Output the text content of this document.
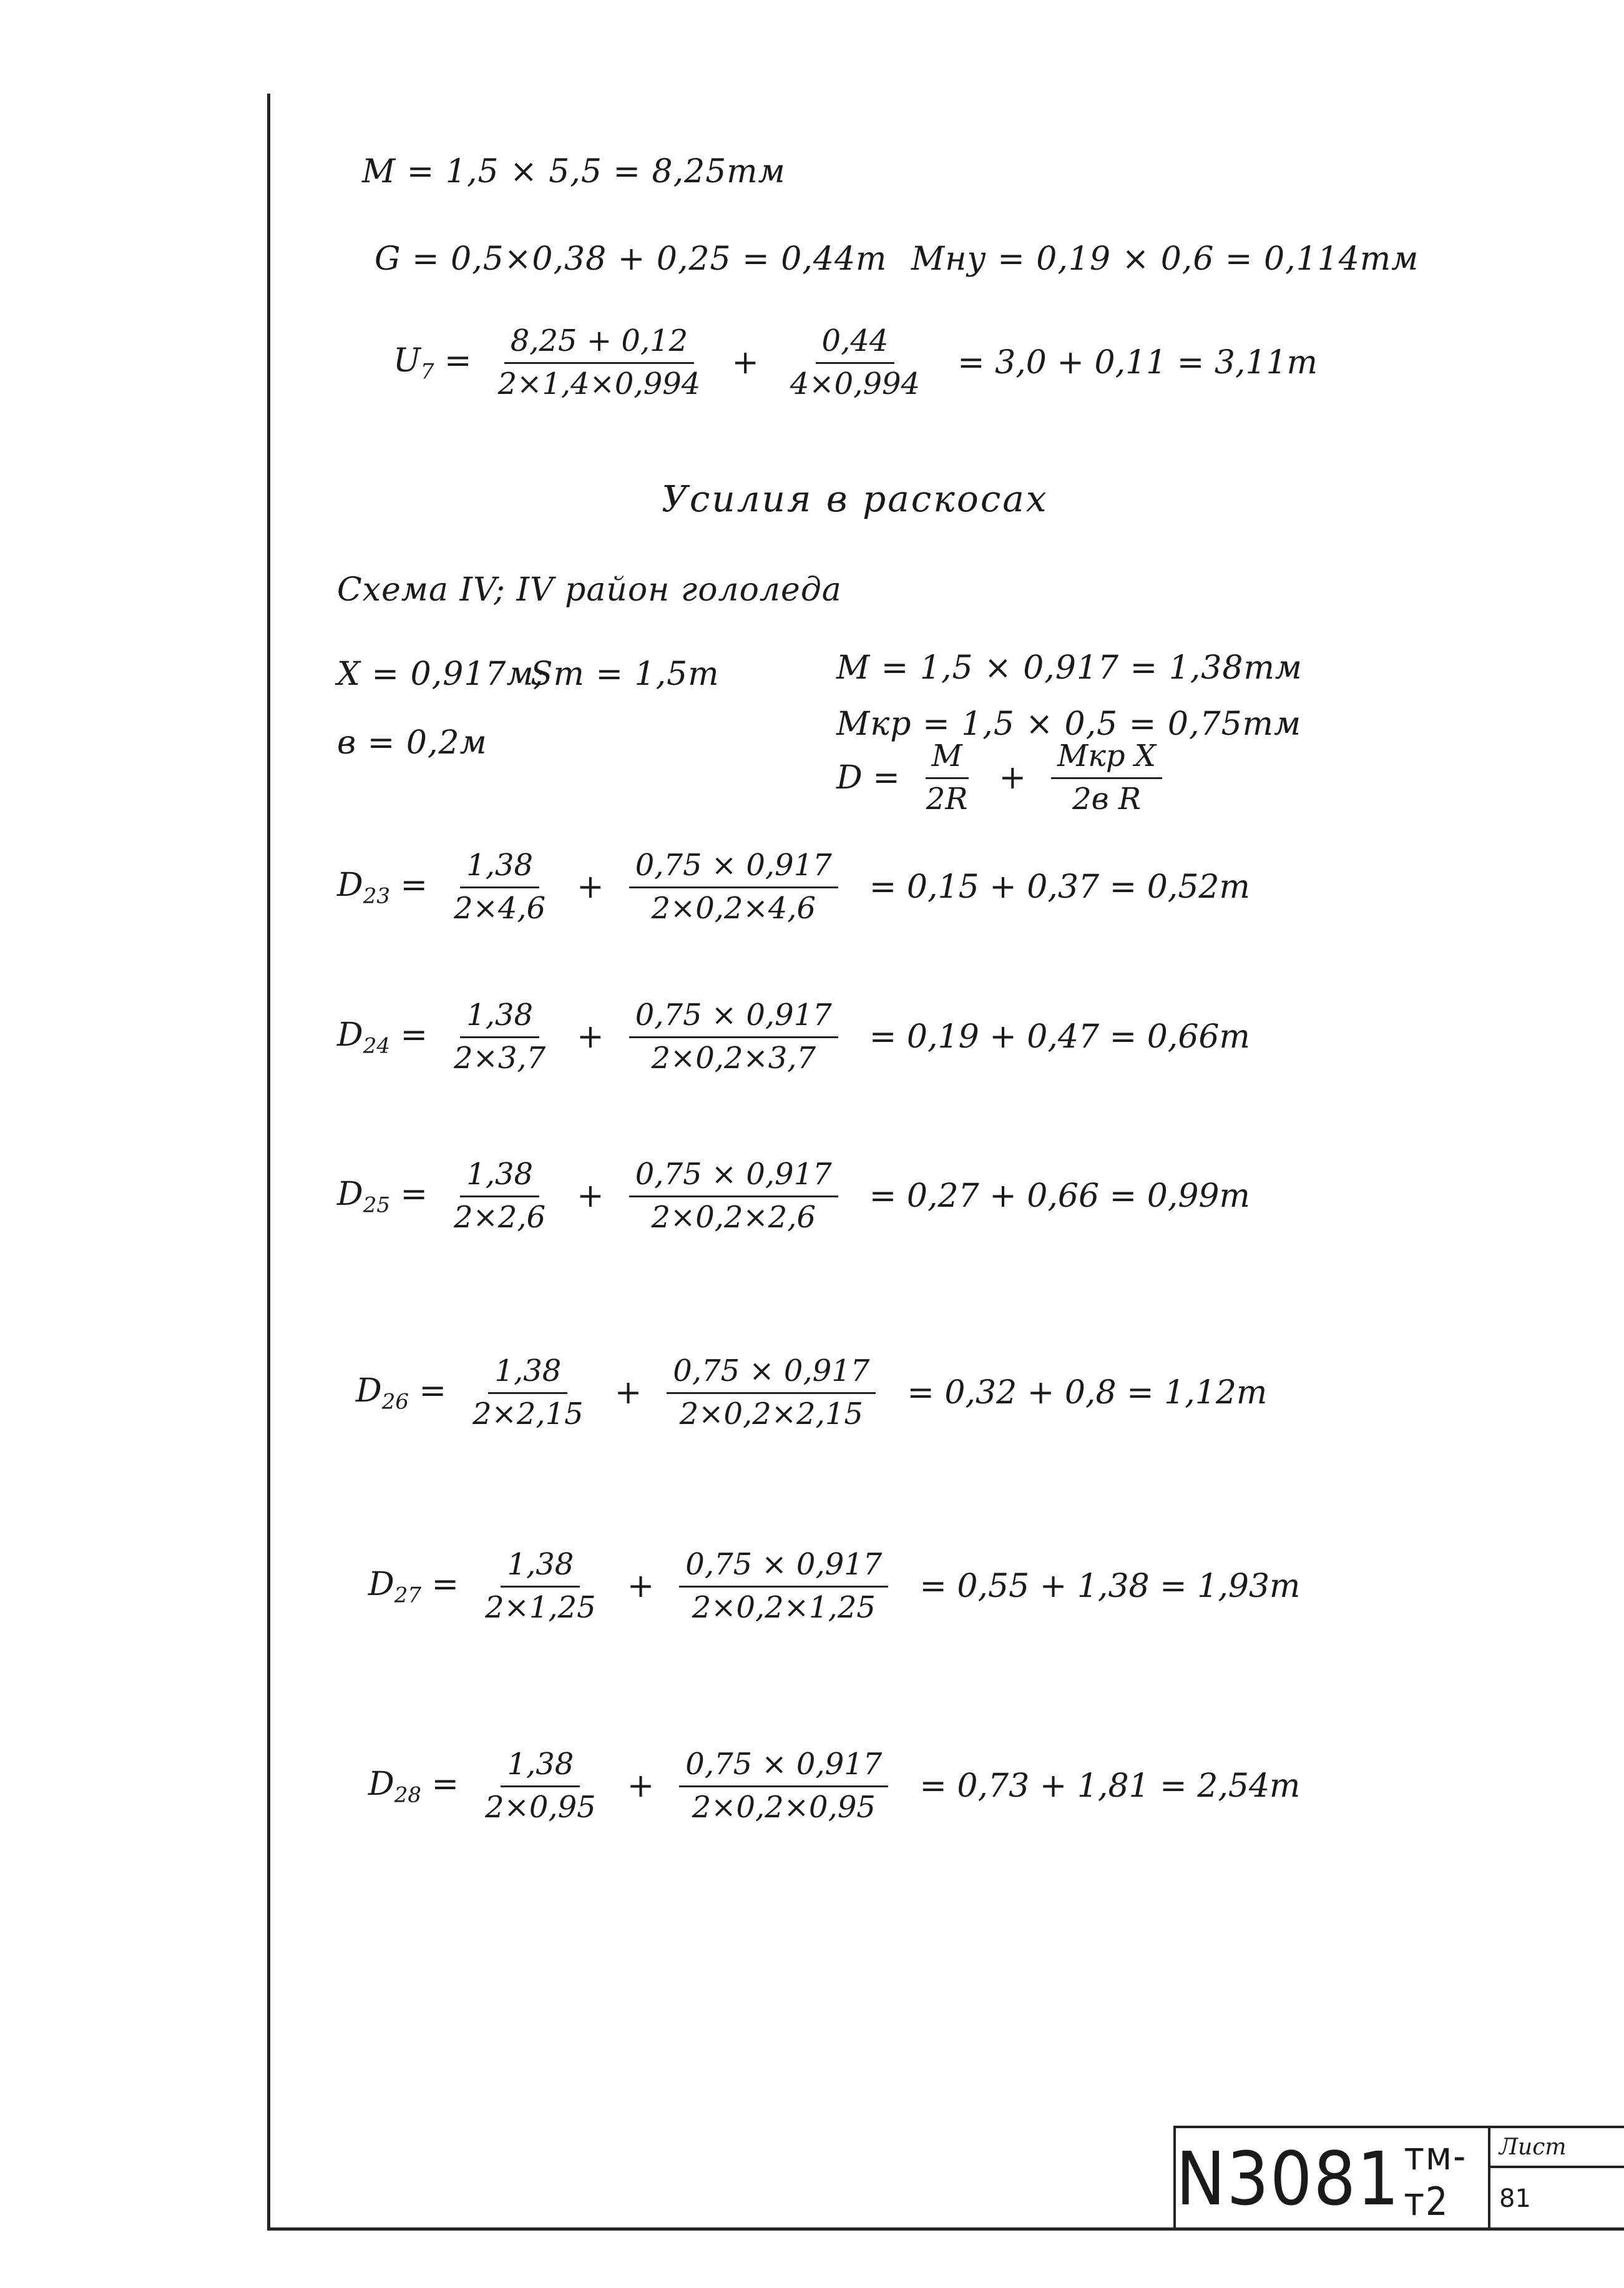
M = 1,5 × 5,5 = 8,25тм
G = 0,5×0,38 + 0,25 = 0,44т Mну = 0,19 × 0,6 = 0,114тм
$U_7 = \frac{8,25 + 0,12}{2\times 1,4\times 0,994} + \frac{0,44}{4\times 0,994} = 3,0 + 0,11 = 3,11т$
Усилия в раскосах
Схема IV; IV район гололеда
X = 0,917м;
Sт = 1,5т
в = 0,2м
M = 1,5 × 0,917 = 1,38тм
Mкр = 1,5 × 0,5 = 0,75тм
$D = \frac{M}{2R} + \frac{\text{Mкр X}}{\text{2в R}}$
$D_{23} = \frac{1,38}{2\times 4,6} + \frac{0,75 \times 0,917}{2\times 0,2\times 4,6} = 0,15 + 0,37 = 0,52т$
$D_{24} = \frac{1,38}{2\times 3,7} + \frac{0,75 \times 0,917}{2\times 0,2\times 3,7} = 0,19 + 0,47 = 0,66т$
$D_{25} = \frac{1,38}{2\times 2,6} + \frac{0,75 \times 0,917}{2\times 0,2\times 2,6} = 0,27 + 0,66 = 0,99т$
$D_{26} = \frac{1,38}{2\times 2,15} + \frac{0,75 \times 0,917}{2\times 0,2\times 2,15} = 0,32 + 0,8 = 1,12т$
$D_{27} = \frac{1,38}{2\times 1,25} + \frac{0,75 \times 0,917}{2\times 0,2\times 1,25} = 0,55 + 1,38 = 1,93т$
$D_{28} = \frac{1,38}{2\times 0,95} + \frac{0,75 \times 0,917}{2\times 0,2\times 0,95} = 0,73 + 1,81 = 2,54т$
N3081 тм-т2
Лист
81
